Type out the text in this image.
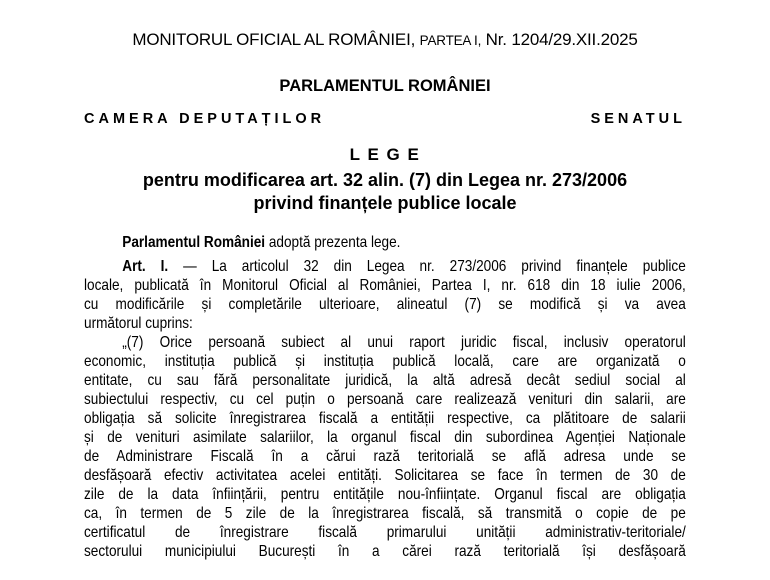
MONITORUL OFICIAL AL ROMÂNIEI, PARTEA I, Nr. 1204/29.XII.2025
PARLAMENTUL ROMÂNIEI
CAMERA DEPUTAȚILOR	SENATUL
L E G E
pentru modificarea art. 32 alin. (7) din Legea nr. 273/2006
privind finanțele publice locale
Parlamentul României adoptă prezenta lege.
Art. I. — La articolul 32 din Legea nr. 273/2006 privind finanțele publice
locale, publicată în Monitorul Oficial al României, Partea I, nr. 618 din 18 iulie 2006,
cu modificările și completările ulterioare, alineatul (7) se modifică și va avea
următorul cuprins:
„(7) Orice persoană subiect al unui raport juridic fiscal, inclusiv operatorul
economic, instituția publică și instituția publică locală, care are organizată o
entitate, cu sau fără personalitate juridică, la altă adresă decât sediul social al
subiectului respectiv, cu cel puțin o persoană care realizează venituri din salarii, are
obligația să solicite înregistrarea fiscală a entității respective, ca plătitoare de salarii
și de venituri asimilate salariilor, la organul fiscal din subordinea Agenției Naționale
de Administrare Fiscală în a cărui rază teritorială se află adresa unde se
desfășoară efectiv activitatea acelei entități. Solicitarea se face în termen de 30 de
zile de la data înființării, pentru entitățile nou-înființate. Organul fiscal are obligația
ca, în termen de 5 zile de la înregistrarea fiscală, să transmită o copie de pe
certificatul de înregistrare fiscală primarului unității administrativ-teritoriale/
sectorului municipiului București în a cărei rază teritorială își desfășoară
